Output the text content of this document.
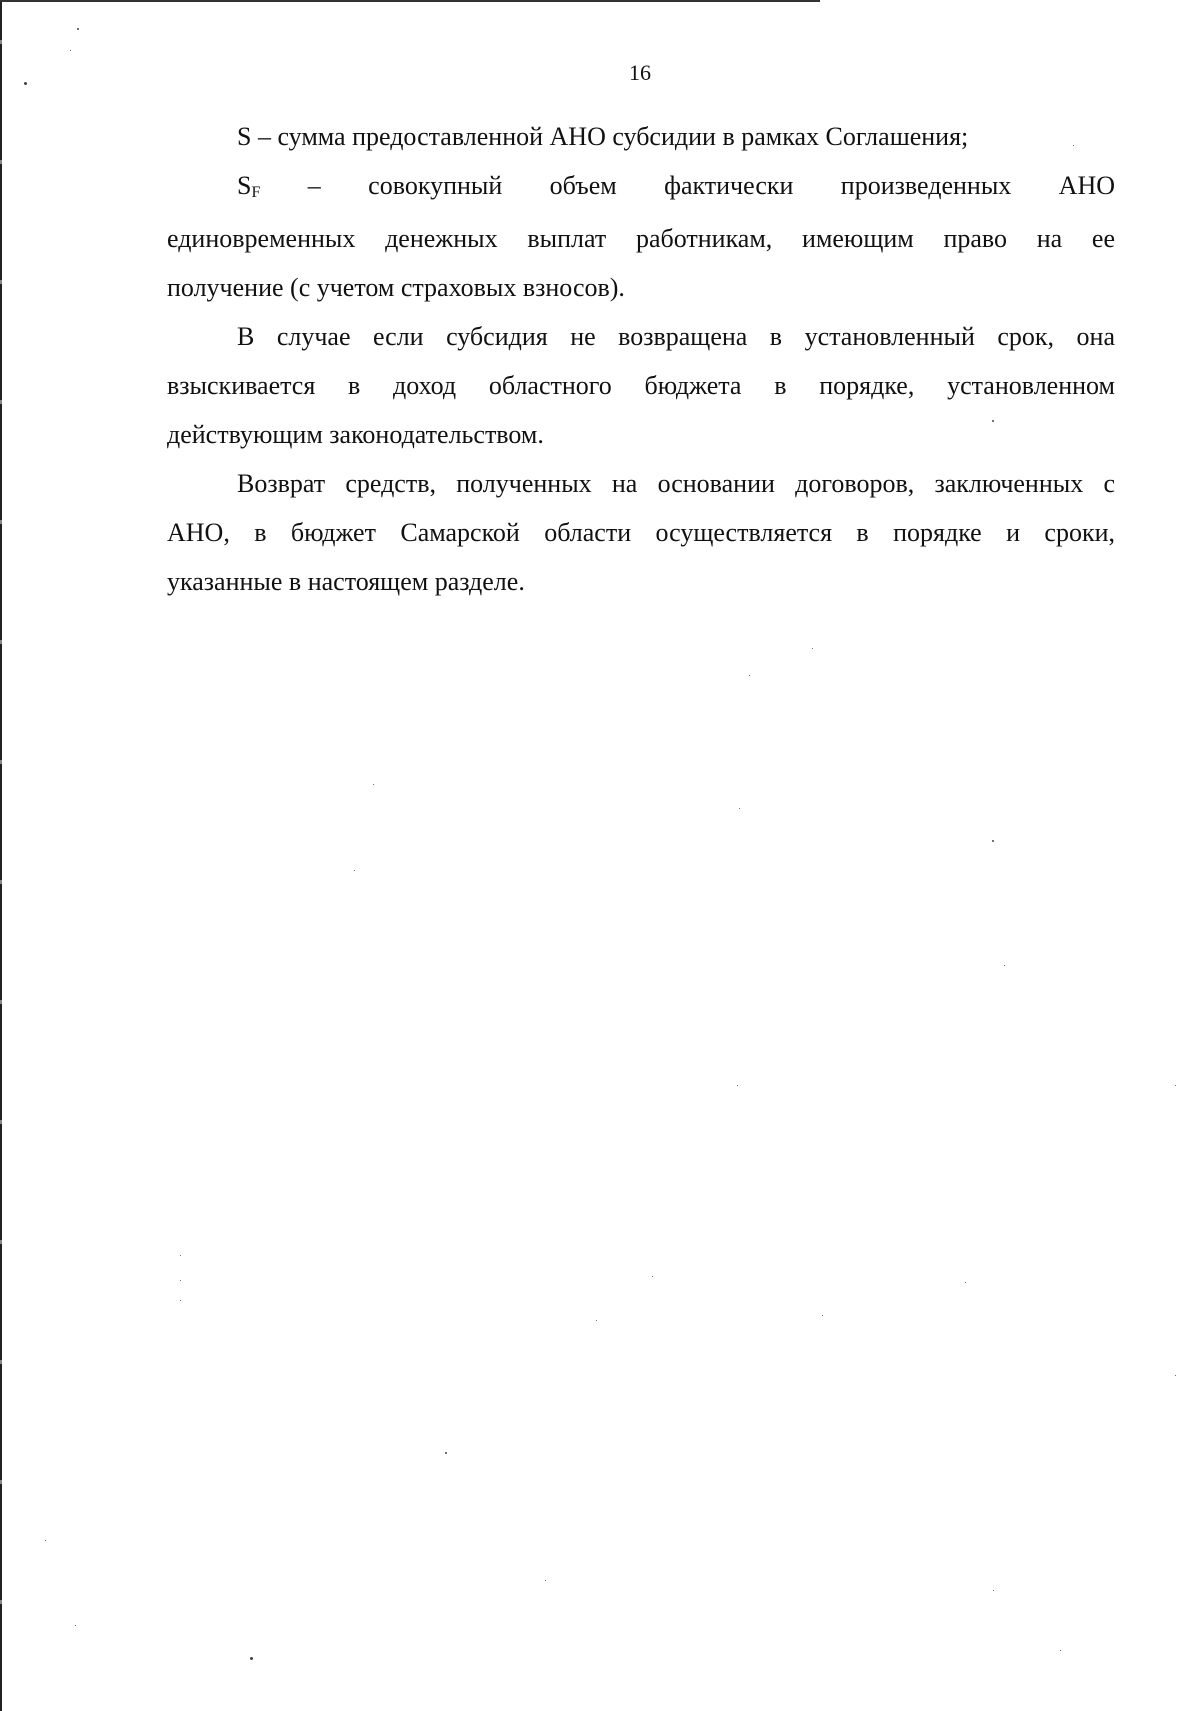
16

S – сумма предоставленной АНО субсидии в рамках Соглашения;

SF – совокупный объем фактически произведенных АНО
единовременных денежных выплат работникам, имеющим право на ее
получение (с учетом страховых взносов).

В случае если субсидия не возвращена в установленный срок, она
взыскивается в доход областного бюджета в порядке, установленном
действующим законодательством.

Возврат средств, полученных на основании договоров, заключенных с
АНО, в бюджет Самарской области осуществляется в порядке и сроки,
указанные в настоящем разделе.
